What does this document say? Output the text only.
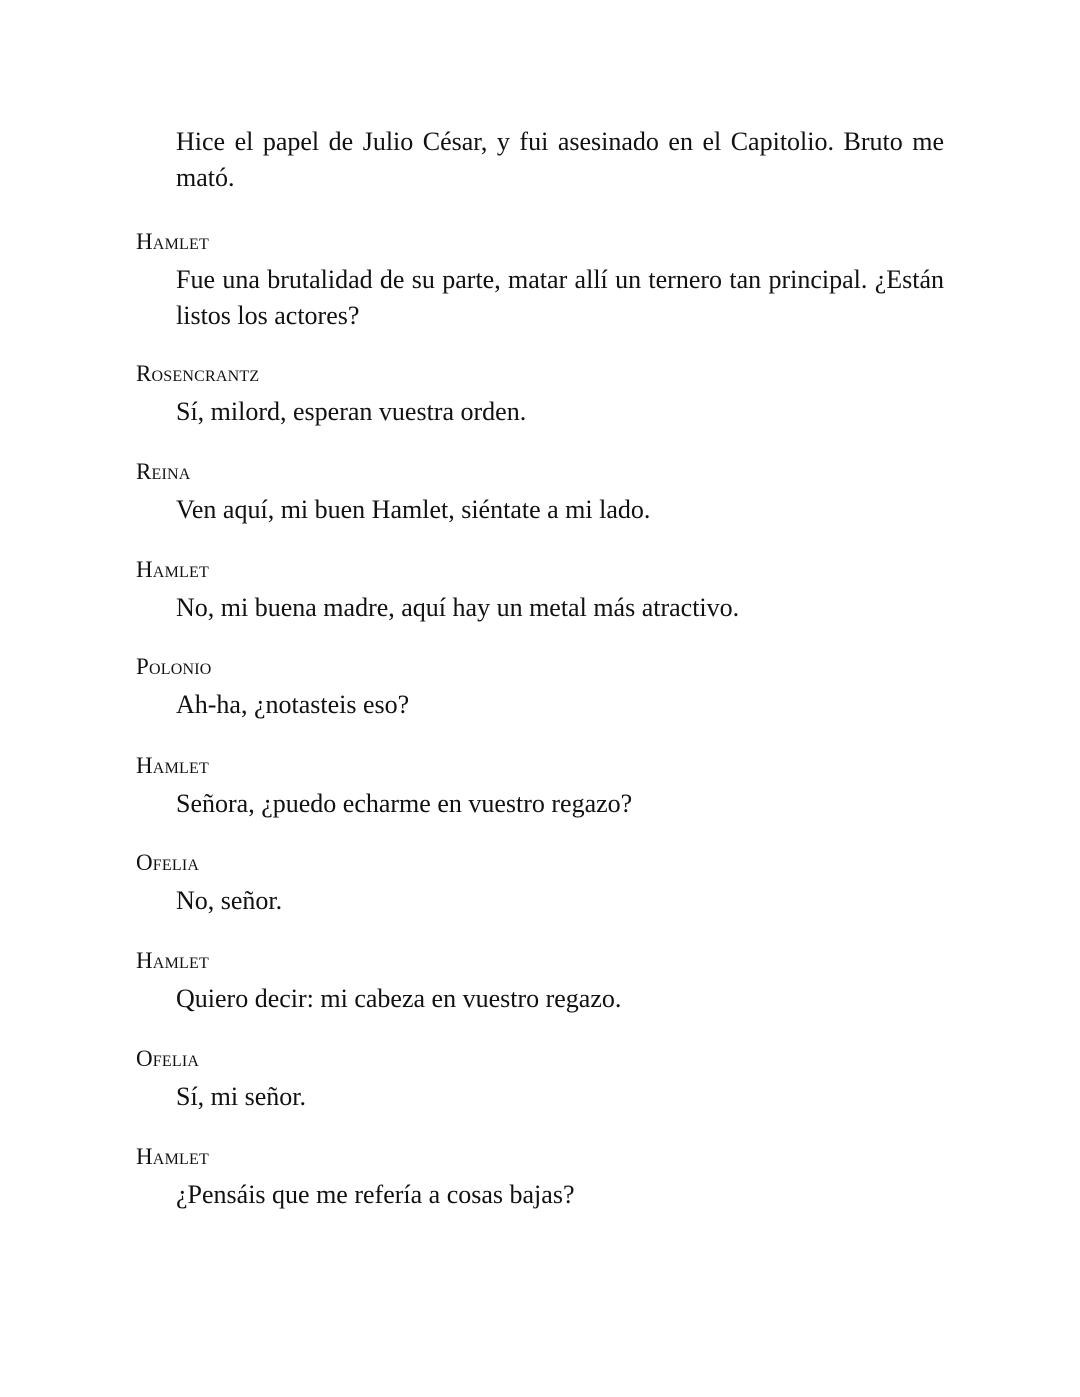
Hice el papel de Julio César, y fui asesinado en el Capitolio. Bruto me mató.

Hamlet

Fue una brutalidad de su parte, matar allí un ternero tan principal. ¿Están listos los actores?

Rosencrantz

Sí, milord, esperan vuestra orden.

Reina

Ven aquí, mi buen Hamlet, siéntate a mi lado.

Hamlet

No, mi buena madre, aquí hay un metal más atractivo.

Polonio

Ah-ha, ¿notasteis eso?

Hamlet

Señora, ¿puedo echarme en vuestro regazo?

Ofelia

No, señor.

Hamlet

Quiero decir: mi cabeza en vuestro regazo.

Ofelia

Sí, mi señor.

Hamlet

¿Pensáis que me refería a cosas bajas?
